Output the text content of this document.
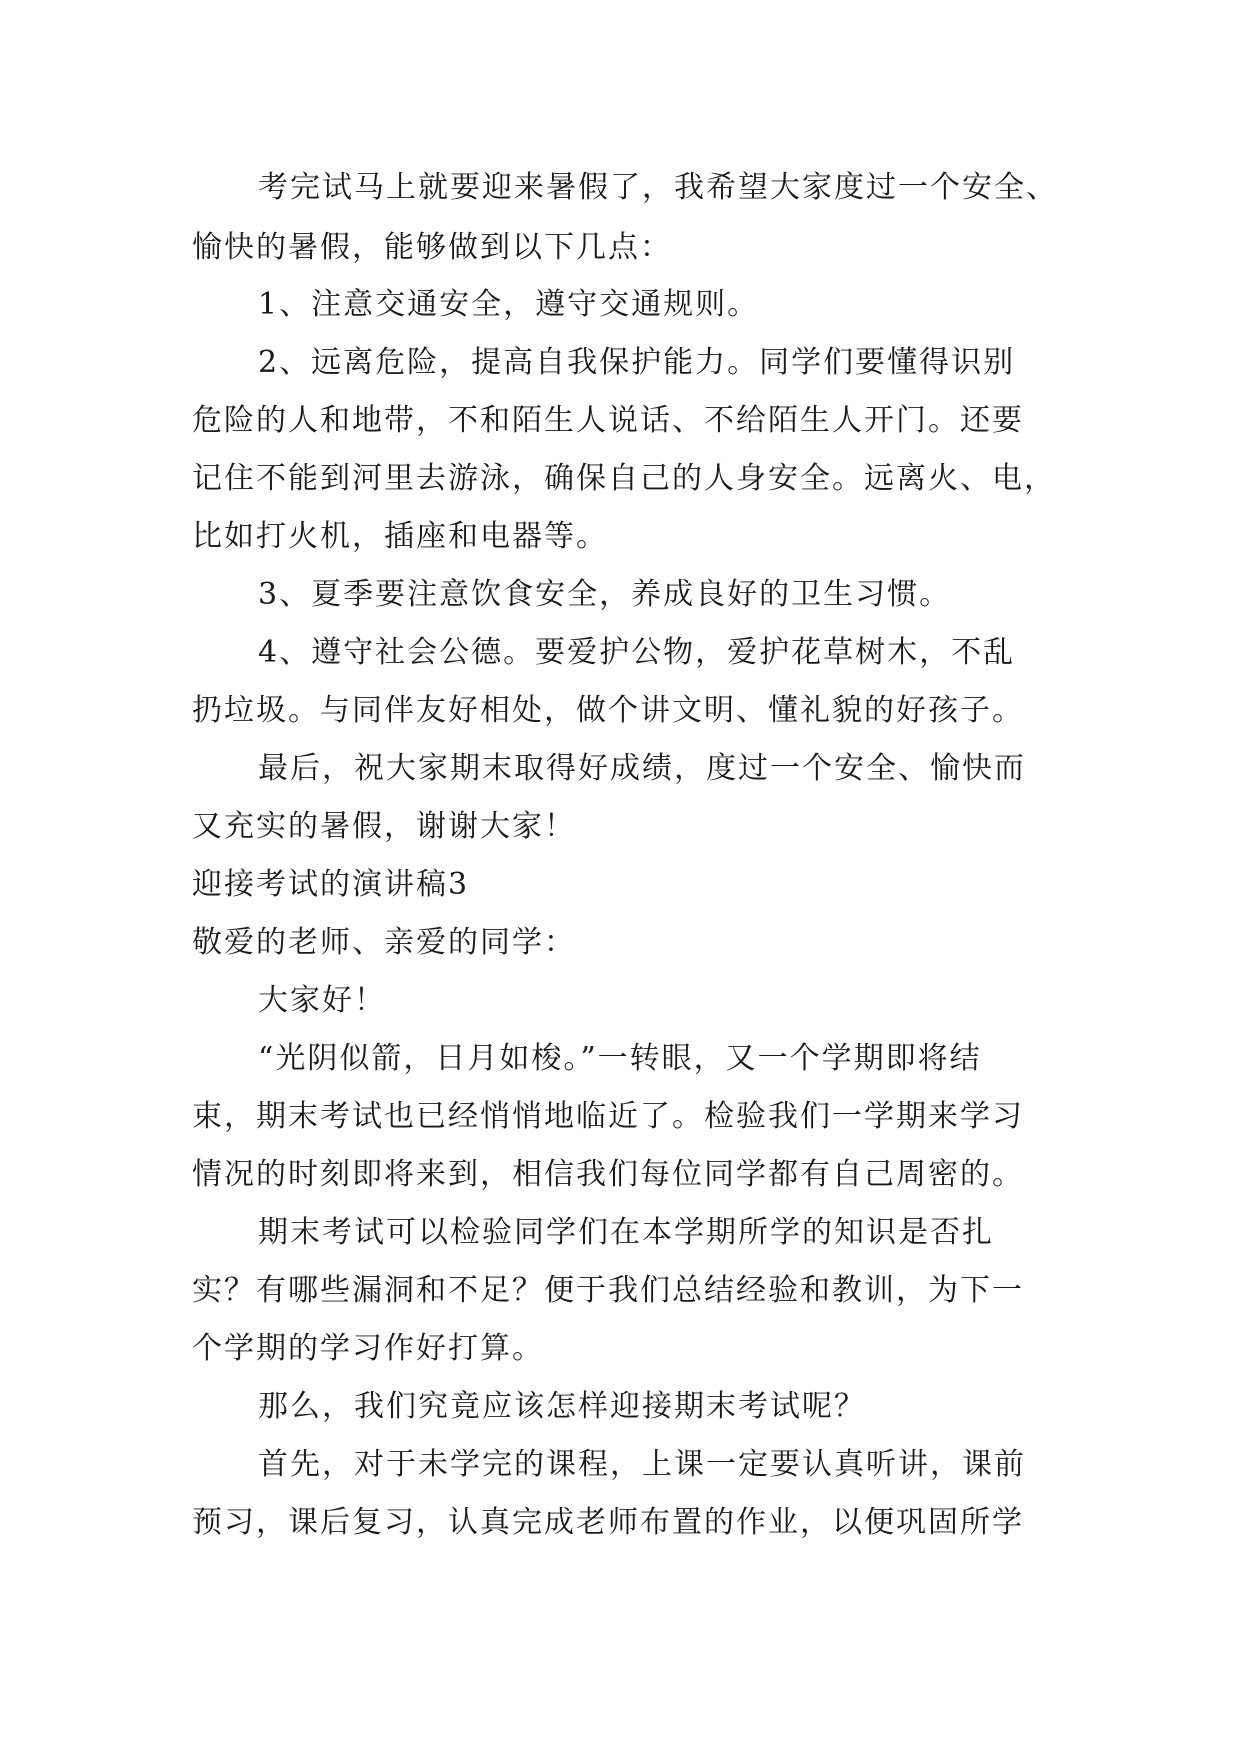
考完试马上就要迎来暑假了，我希望大家度过一个安全、
愉快的暑假，能够做到以下几点：
1、注意交通安全，遵守交通规则。
2、远离危险，提高自我保护能力。同学们要懂得识别
危险的人和地带，不和陌生人说话、不给陌生人开门。还要
记住不能到河里去游泳，确保自己的人身安全。远离火、电，
比如打火机，插座和电器等。
3、夏季要注意饮食安全，养成良好的卫生习惯。
4、遵守社会公德。要爱护公物，爱护花草树木，不乱
扔垃圾。与同伴友好相处，做个讲文明、懂礼貌的好孩子。
最后，祝大家期末取得好成绩，度过一个安全、愉快而
又充实的暑假，谢谢大家！
迎接考试的演讲稿3
敬爱的老师、亲爱的同学：
大家好！
“光阴似箭，日月如梭。”一转眼，又一个学期即将结
束，期末考试也已经悄悄地临近了。检验我们一学期来学习
情况的时刻即将来到，相信我们每位同学都有自己周密的。
期末考试可以检验同学们在本学期所学的知识是否扎
实？有哪些漏洞和不足？便于我们总结经验和教训，为下一
个学期的学习作好打算。
那么，我们究竟应该怎样迎接期末考试呢？
首先，对于未学完的课程，上课一定要认真听讲，课前
预习，课后复习，认真完成老师布置的作业，以便巩固所学
